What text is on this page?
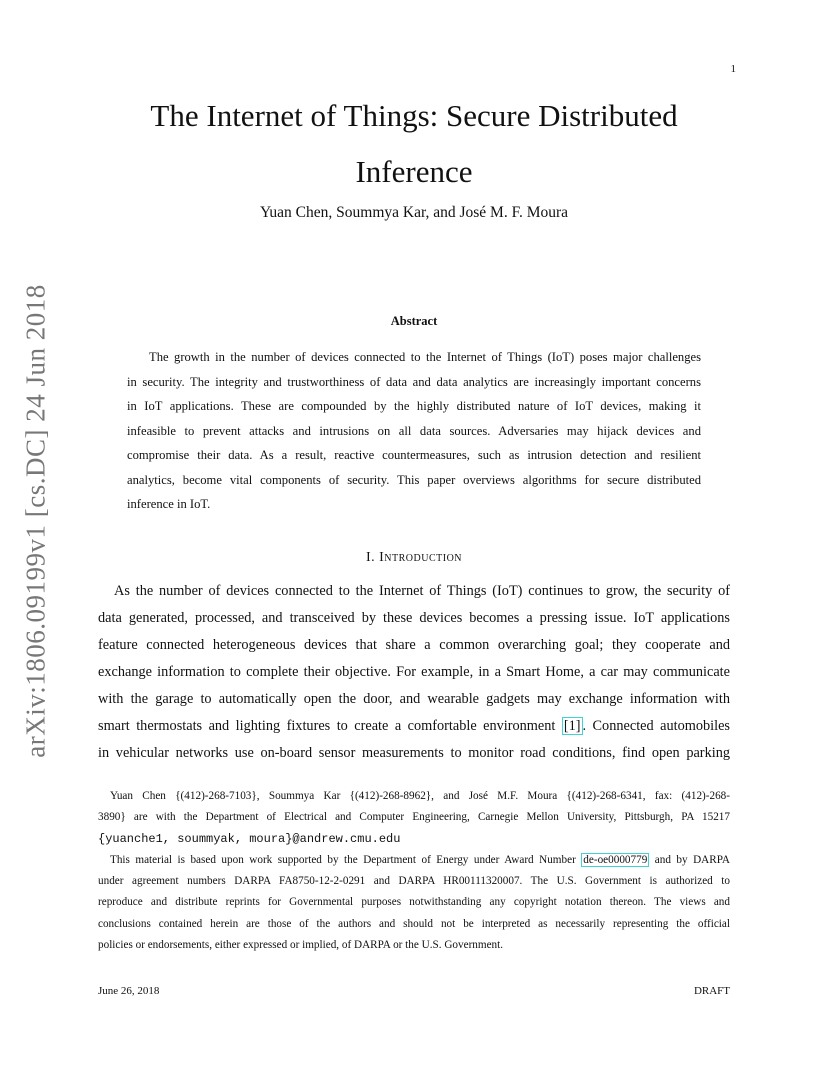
1
arXiv:1806.09199v1 [cs.DC] 24 Jun 2018
The Internet of Things: Secure Distributed
Inference
Yuan Chen, Soummya Kar, and José M. F. Moura
Abstract
The growth in the number of devices connected to the Internet of Things (IoT) poses major challenges
in security. The integrity and trustworthiness of data and data analytics are increasingly important concerns
in IoT applications. These are compounded by the highly distributed nature of IoT devices, making it
infeasible to prevent attacks and intrusions on all data sources. Adversaries may hijack devices and
compromise their data. As a result, reactive countermeasures, such as intrusion detection and resilient
analytics, become vital components of security. This paper overviews algorithms for secure distributed
inference in IoT.
I. Introduction
As the number of devices connected to the Internet of Things (IoT) continues to grow, the security of
data generated, processed, and transceived by these devices becomes a pressing issue. IoT applications
feature connected heterogeneous devices that share a common overarching goal; they cooperate and
exchange information to complete their objective. For example, in a Smart Home, a car may communicate
with the garage to automatically open the door, and wearable gadgets may exchange information with
smart thermostats and lighting fixtures to create a comfortable environment [1] . Connected automobiles
in vehicular networks use on-board sensor measurements to monitor road conditions, find open parking
Yuan Chen {(412)-268-7103}, Soummya Kar {(412)-268-8962}, and José M.F. Moura {(412)-268-6341, fax: (412)-268-
3890} are with the Department of Electrical and Computer Engineering, Carnegie Mellon University, Pittsburgh, PA 15217
{yuanche1, soummyak, moura}@andrew.cmu.edu
This material is based upon work supported by the Department of Energy under Award Number de-oe0000779 and by DARPA
under agreement numbers DARPA FA8750-12-2-0291 and DARPA HR00111320007. The U.S. Government is authorized to
reproduce and distribute reprints for Governmental purposes notwithstanding any copyright notation thereon. The views and
conclusions contained herein are those of the authors and should not be interpreted as necessarily representing the official
policies or endorsements, either expressed or implied, of DARPA or the U.S. Government.
June 26, 2018	DRAFT
